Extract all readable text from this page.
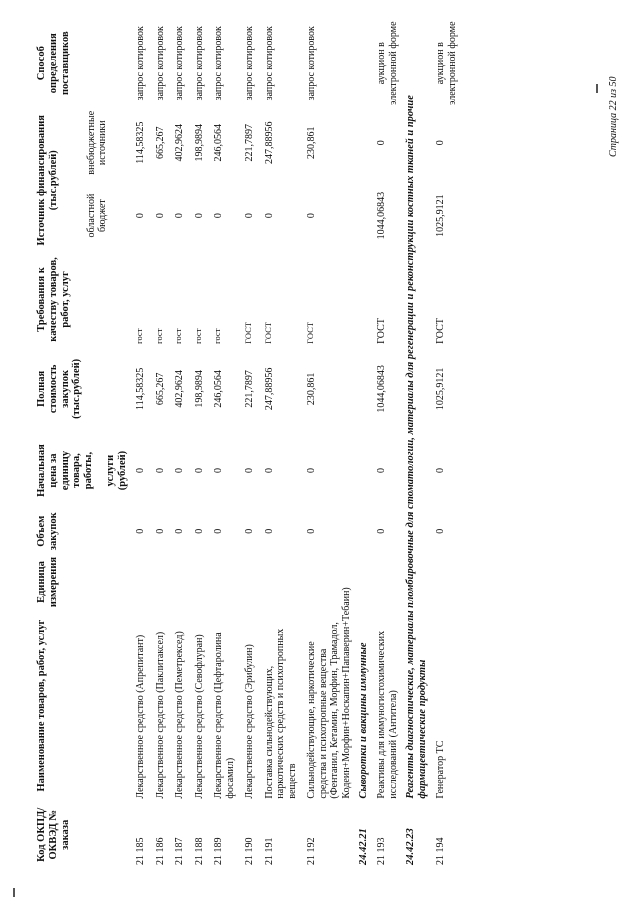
Код ОКПД/ ОКВЭД № заказа	Наименование товаров, работ, услуг	Единица измерения	Объем закупок	Начальная цена за единицу товара, работы, услуги (рублей)	Полная стоимость закупок (тыс.рублей)	Требования к качеству товаров, работ, услуг	Источник финансирования (тыс.рублей)		Способ определения поставщиков
							областной бюджет	внебюджетные источники	
21 185	Лекарственное средство (Апрепитант)		0	0	114,58325	гост	0	114,58325	запрос котировок
21 186	Лекарственное средство (Паклитаксел)		0	0	665,267	гост	0	665,267	запрос котировок
21 187	Лекарственное средство (Пеметрексед)		0	0	402,9624	гост	0	402,9624	запрос котировок
21 188	Лекарственное средство (Севофлуран)		0	0	198,9894	гост	0	198,9894	запрос котировок
21 189	Лекарственное средство (Цефтаролина фосамил)		0	0	246,0564	гост	0	246,0564	запрос котировок
21 190	Лекарственное средство (Эрибулин)		0	0	221,7897	ГОСТ	0	221,7897	запрос котировок
21 191	Поставка сильнодействующих, наркотических средств и психотропных веществ		0	0	247,88956	ГОСТ	0	247,88956	запрос котировок
21 192	Сильнодействующие, наркотические средства и психотропные вещества (Фентанил, Кетамин, Морфин, Трамадол, Кодеин+Морфин+Носкапин+Папаверин+Тебаин)		0	0	230,861	ГОСТ	0	230,861	запрос котировок
24.42.21	Сыворотки и вакцины иммунные								
21 193	Реактивы для иммуногистохимических исследований (Антитела)		0	0	1044,06843	ГОСТ	1044,06843	0	аукцион в электронной форме
24.42.23	Реагенты диагностические, материалы пломбировочные для стоматологии, материалы для регенерации и реконструкции костных тканей и прочие фармацевтические продукты								
21 194	Генератор ТС		0	0	1025,9121	ГОСТ	1025,9121	0	аукцион в электронной форме
Страница 22 из 50
